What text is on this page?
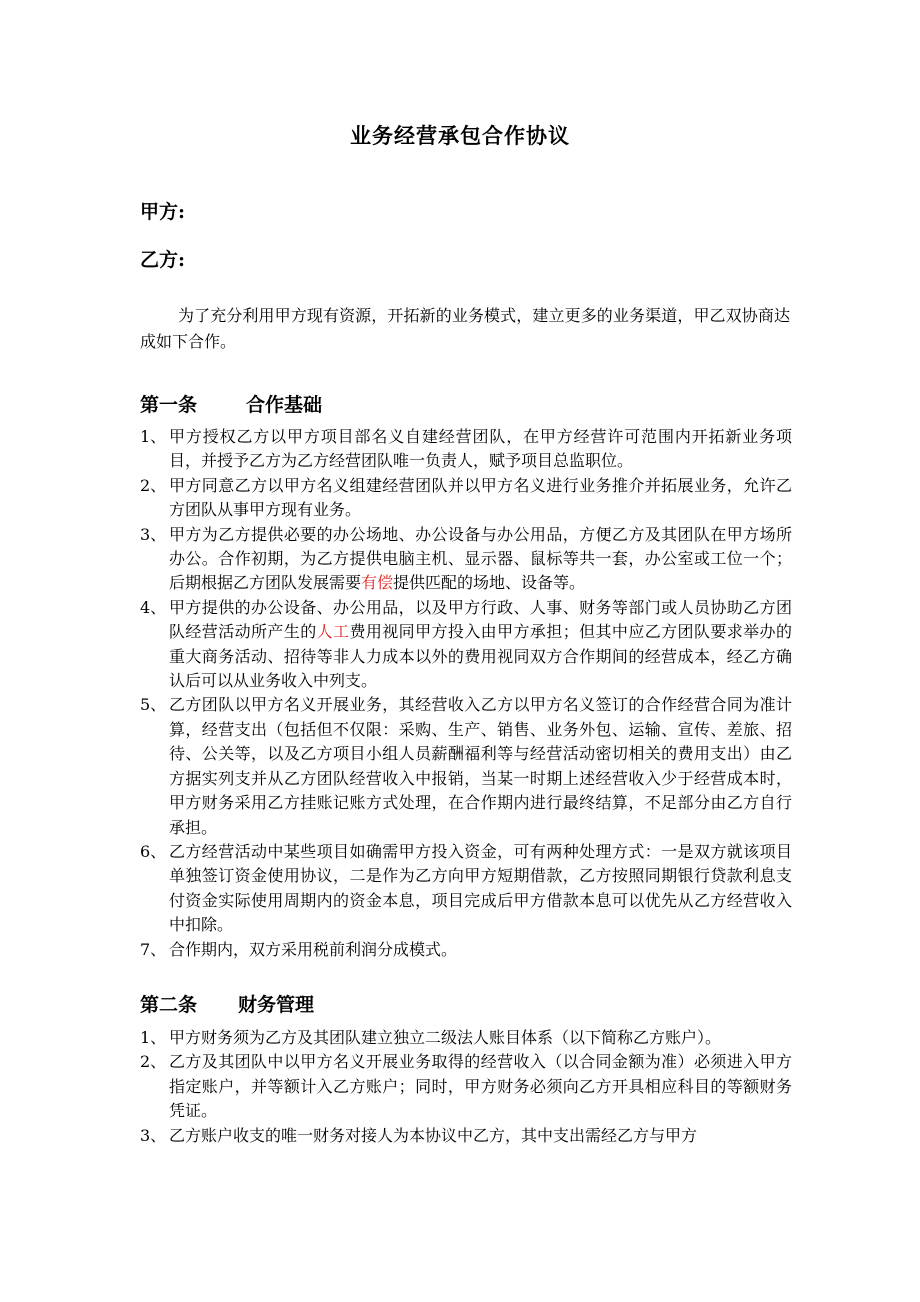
业务经营承包合作协议
甲方:
乙方:
为了充分利用甲方现有资源，开拓新的业务模式，建立更多的业务渠道，甲乙双协商达成如下合作。
第一条	合作基础
1、 甲方授权乙方以甲方项目部名义自建经营团队，在甲方经营许可范围内开拓新业务项目，并授予乙方为乙方经营团队唯一负责人，赋予项目总监职位。
2、 甲方同意乙方以甲方名义组建经营团队并以甲方名义进行业务推介并拓展业务，允许乙方团队从事甲方现有业务。
3、 甲方为乙方提供必要的办公场地、办公设备与办公用品，方便乙方及其团队在甲方场所办公。合作初期，为乙方提供电脑主机、显示器、鼠标等共一套，办公室或工位一个；后期根据乙方团队发展需要有偿提供匹配的场地、设备等。
4、 甲方提供的办公设备、办公用品，以及甲方行政、人事、财务等部门或人员协助乙方团队经营活动所产生的人工费用视同甲方投入由甲方承担；但其中应乙方团队要求举办的重大商务活动、招待等非人力成本以外的费用视同双方合作期间的经营成本，经乙方确认后可以从业务收入中列支。
5、 乙方团队以甲方名义开展业务，其经营收入乙方以甲方名义签订的合作经营合同为准计算，经营支出（包括但不仅限：采购、生产、销售、业务外包、运输、宣传、差旅、招待、公关等，以及乙方项目小组人员薪酬福利等与经营活动密切相关的费用支出）由乙方据实列支并从乙方团队经营收入中报销，当某一时期上述经营收入少于经营成本时，甲方财务采用乙方挂账记账方式处理，在合作期内进行最终结算，不足部分由乙方自行承担。
6、 乙方经营活动中某些项目如确需甲方投入资金，可有两种处理方式：一是双方就该项目单独签订资金使用协议，二是作为乙方向甲方短期借款，乙方按照同期银行贷款利息支付资金实际使用周期内的资金本息，项目完成后甲方借款本息可以优先从乙方经营收入中扣除。
7、 合作期内，双方采用税前利润分成模式。
第二条 财务管理
1、 甲方财务须为乙方及其团队建立独立二级法人账目体系（以下简称乙方账户）。
2、 乙方及其团队中以甲方名义开展业务取得的经营收入（以合同金额为准）必须进入甲方指定账户，并等额计入乙方账户；同时，甲方财务必须向乙方开具相应科目的等额财务凭证。
3、 乙方账户收支的唯一财务对接人为本协议中乙方，其中支出需经乙方与甲方
